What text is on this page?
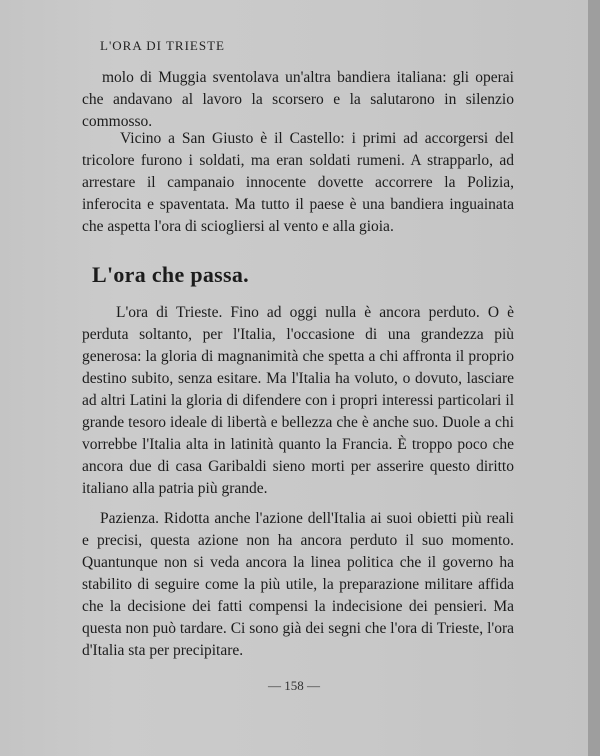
L'ORA DI TRIESTE

molo di Muggia sventolava un'altra bandiera italiana: gli operai che andavano al lavoro la scorsero e la salutarono in silenzio commosso.

Vicino a San Giusto è il Castello: i primi ad accorgersi del tricolore furono i soldati, ma eran soldati rumeni. A strapparlo, ad arrestare il campanaio innocente dovette accorrere la Polizia, inferocita e spaventata. Ma tutto il paese è una bandiera inguainata che aspetta l'ora di sciogliersi al vento e alla gioia.

L'ora che passa.

L'ora di Trieste. Fino ad oggi nulla è ancora perduto. O è perduta soltanto, per l'Italia, l'occasione di una grandezza più generosa: la gloria di magnanimità che spetta a chi affronta il proprio destino subito, senza esitare. Ma l'Italia ha voluto, o dovuto, lasciare ad altri Latini la gloria di difendere con i propri interessi particolari il grande tesoro ideale di libertà e bellezza che è anche suo. Duole a chi vorrebbe l'Italia alta in latinità quanto la Francia. È troppo poco che ancora due di casa Garibaldi sieno morti per asserire questo diritto italiano alla patria più grande.

Pazienza. Ridotta anche l'azione dell'Italia ai suoi obietti più reali e precisi, questa azione non ha ancora perduto il suo momento. Quantunque non si veda ancora la linea politica che il governo ha stabilito di seguire come la più utile, la preparazione militare affida che la decisione dei fatti compensi la indecisione dei pensieri. Ma questa non può tardare. Ci sono già dei segni che l'ora di Trieste, l'ora d'Italia sta per precipitare.

— 158 —
